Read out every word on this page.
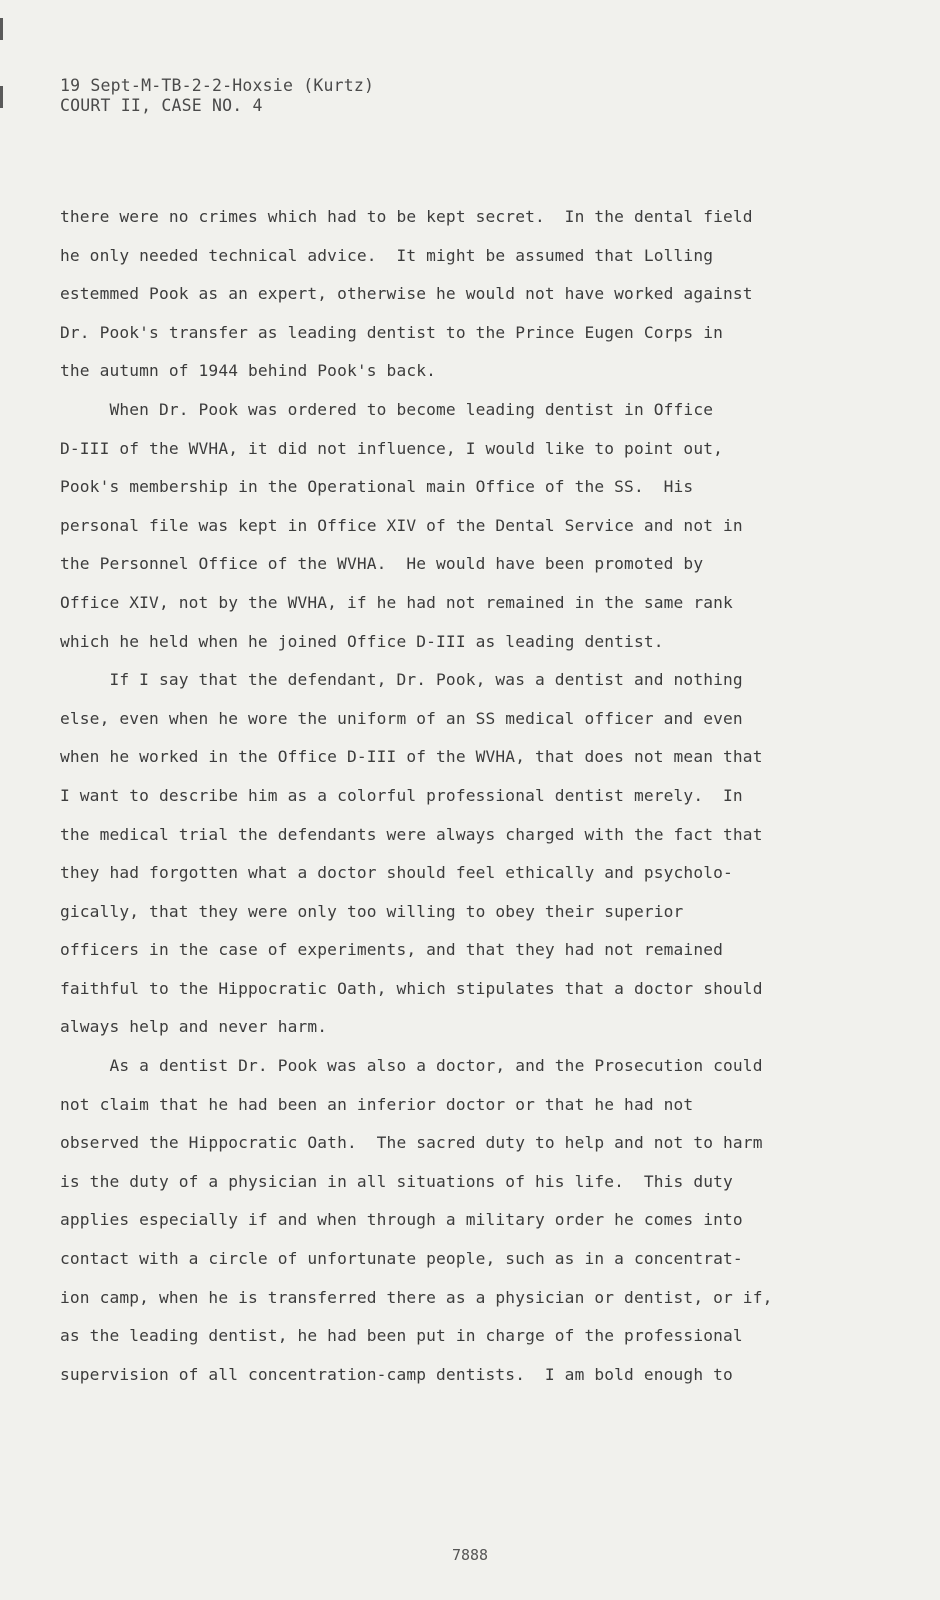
19 Sept-M-TB-2-2-Hoxsie (Kurtz)
COURT II, CASE NO. 4
there were no crimes which had to be kept secret.  In the dental field
he only needed technical advice.  It might be assumed that Lolling
estemmed Pook as an expert, otherwise he would not have worked against
Dr. Pook's transfer as leading dentist to the Prince Eugen Corps in
the autumn of 1944 behind Pook's back.
When Dr. Pook was ordered to become leading dentist in Office
D-III of the WVHA, it did not influence, I would like to point out,
Pook's membership in the Operational main Office of the SS.  His
personal file was kept in Office XIV of the Dental Service and not in
the Personnel Office of the WVHA.  He would have been promoted by
Office XIV, not by the WVHA, if he had not remained in the same rank
which he held when he joined Office D-III as leading dentist.
If I say that the defendant, Dr. Pook, was a dentist and nothing
else, even when he wore the uniform of an SS medical officer and even
when he worked in the Office D-III of the WVHA, that does not mean that
I want to describe him as a colorful professional dentist merely.  In
the medical trial the defendants were always charged with the fact that
they had forgotten what a doctor should feel ethically and psycholo-
gically, that they were only too willing to obey their superior
officers in the case of experiments, and that they had not remained
faithful to the Hippocratic Oath, which stipulates that a doctor should
always help and never harm.
As a dentist Dr. Pook was also a doctor, and the Prosecution could
not claim that he had been an inferior doctor or that he had not
observed the Hippocratic Oath.  The sacred duty to help and not to harm
is the duty of a physician in all situations of his life.  This duty
applies especially if and when through a military order he comes into
contact with a circle of unfortunate people, such as in a concentrat-
ion camp, when he is transferred there as a physician or dentist, or if,
as the leading dentist, he had been put in charge of the professional
supervision of all concentration-camp dentists.  I am bold enough to
7888
